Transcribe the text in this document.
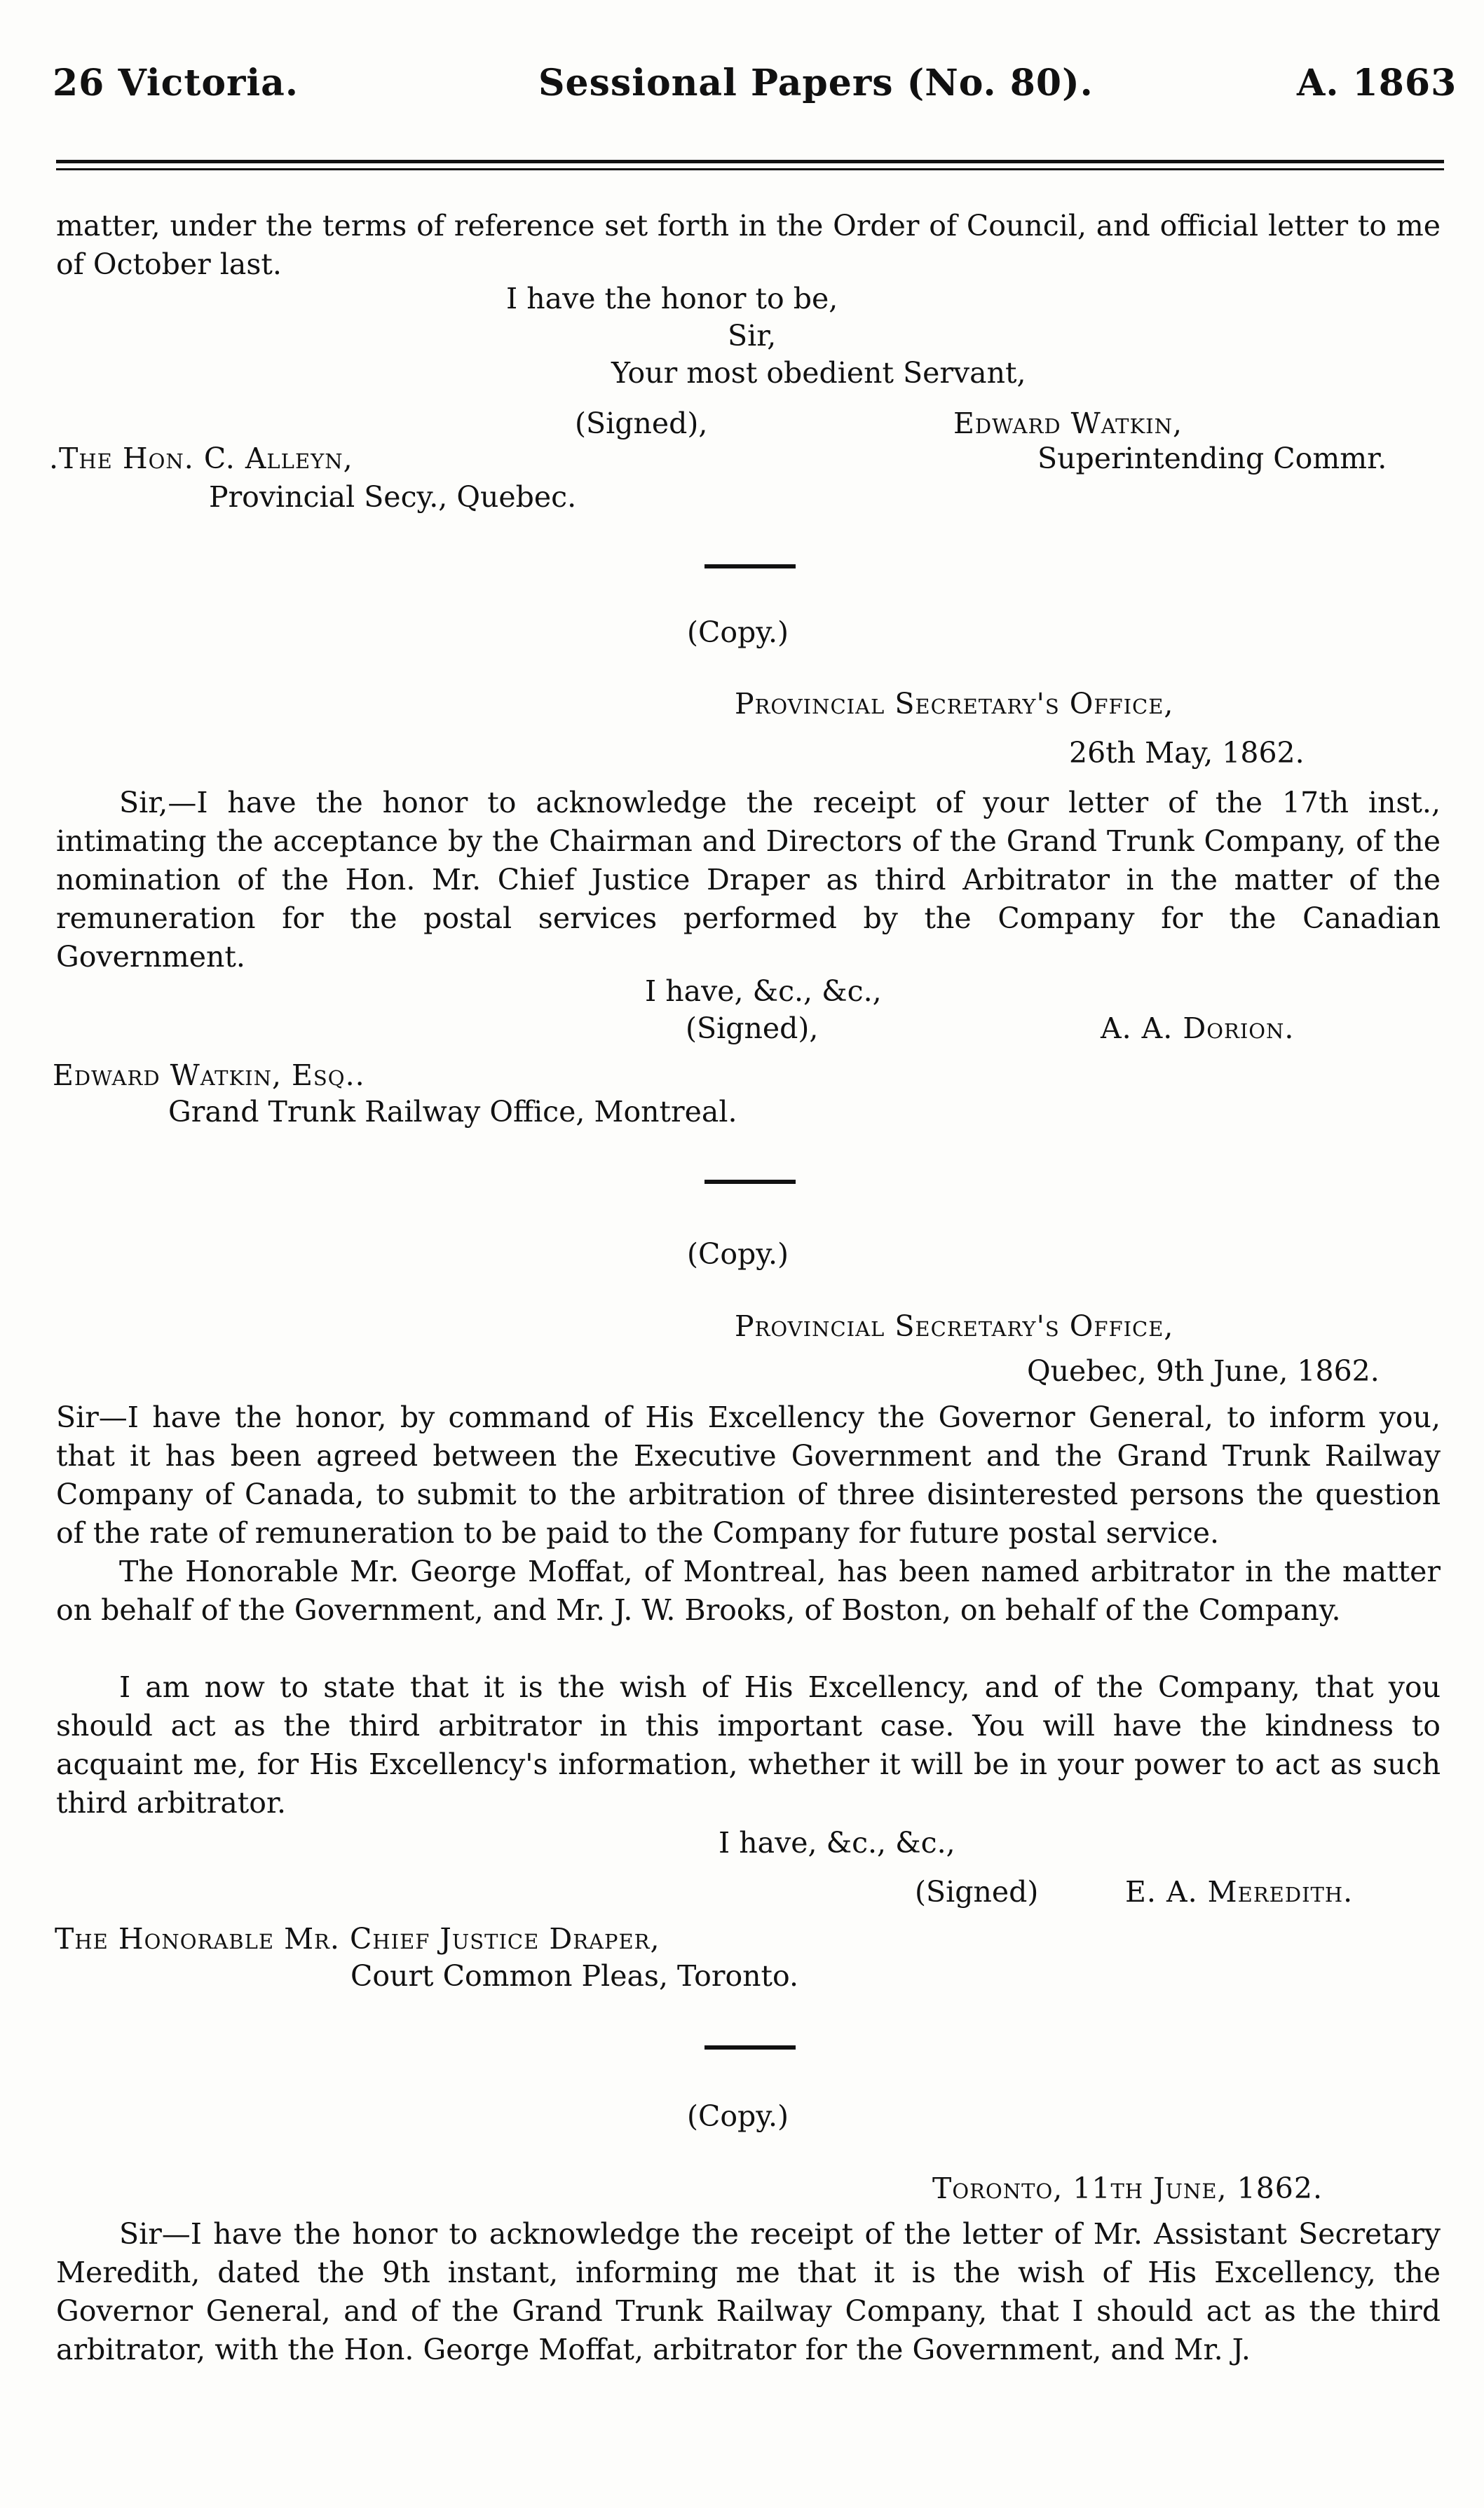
26 Victoria.	Sessional Papers (No. 80).	A. 1863
matter, under the terms of reference set forth in the Order of Council, and official letter to me of October last.
I have the honor to be,
Sir,
Your most obedient Servant,
(Signed),	Edward Watkin,
Superintending Commr.
.The Hon. C. Alleyn,
Provincial Secy., Quebec.
(Copy.)
Provincial Secretary's Office,
26th May, 1862.
Sir,—I have the honor to acknowledge the receipt of your letter of the 17th inst., intimating the acceptance by the Chairman and Directors of the Grand Trunk Company, of the nomination of the Hon. Mr. Chief Justice Draper as third Arbitrator in the matter of the remuneration for the postal services performed by the Company for the Canadian Government.
I have, &c., &c.,
(Signed),	A. A. Dorion.
Edward Watkin, Esq..
Grand Trunk Railway Office, Montreal.
(Copy.)
Provincial Secretary's Office,
Quebec, 9th June, 1862.
Sir—I have the honor, by command of His Excellency the Governor General, to inform you, that it has been agreed between the Executive Government and the Grand Trunk Railway Company of Canada, to submit to the arbitration of three disinterested persons the question of the rate of remuneration to be paid to the Company for future postal service.
The Honorable Mr. George Moffat, of Montreal, has been named arbitrator in the matter on behalf of the Government, and Mr. J. W. Brooks, of Boston, on behalf of the Company.
I am now to state that it is the wish of His Excellency, and of the Company, that you should act as the third arbitrator in this important case. You will have the kindness to acquaint me, for His Excellency's information, whether it will be in your power to act as such third arbitrator.
I have, &c., &c.,
(Signed)	E. A. Meredith.
The Honorable Mr. Chief Justice Draper,
Court Common Pleas, Toronto.
(Copy.)
Toronto, 11th June, 1862.
Sir—I have the honor to acknowledge the receipt of the letter of Mr. Assistant Secretary Meredith, dated the 9th instant, informing me that it is the wish of His Excellency, the Governor General, and of the Grand Trunk Railway Company, that I should act as the third arbitrator, with the Hon. George Moffat, arbitrator for the Government, and Mr. J.
